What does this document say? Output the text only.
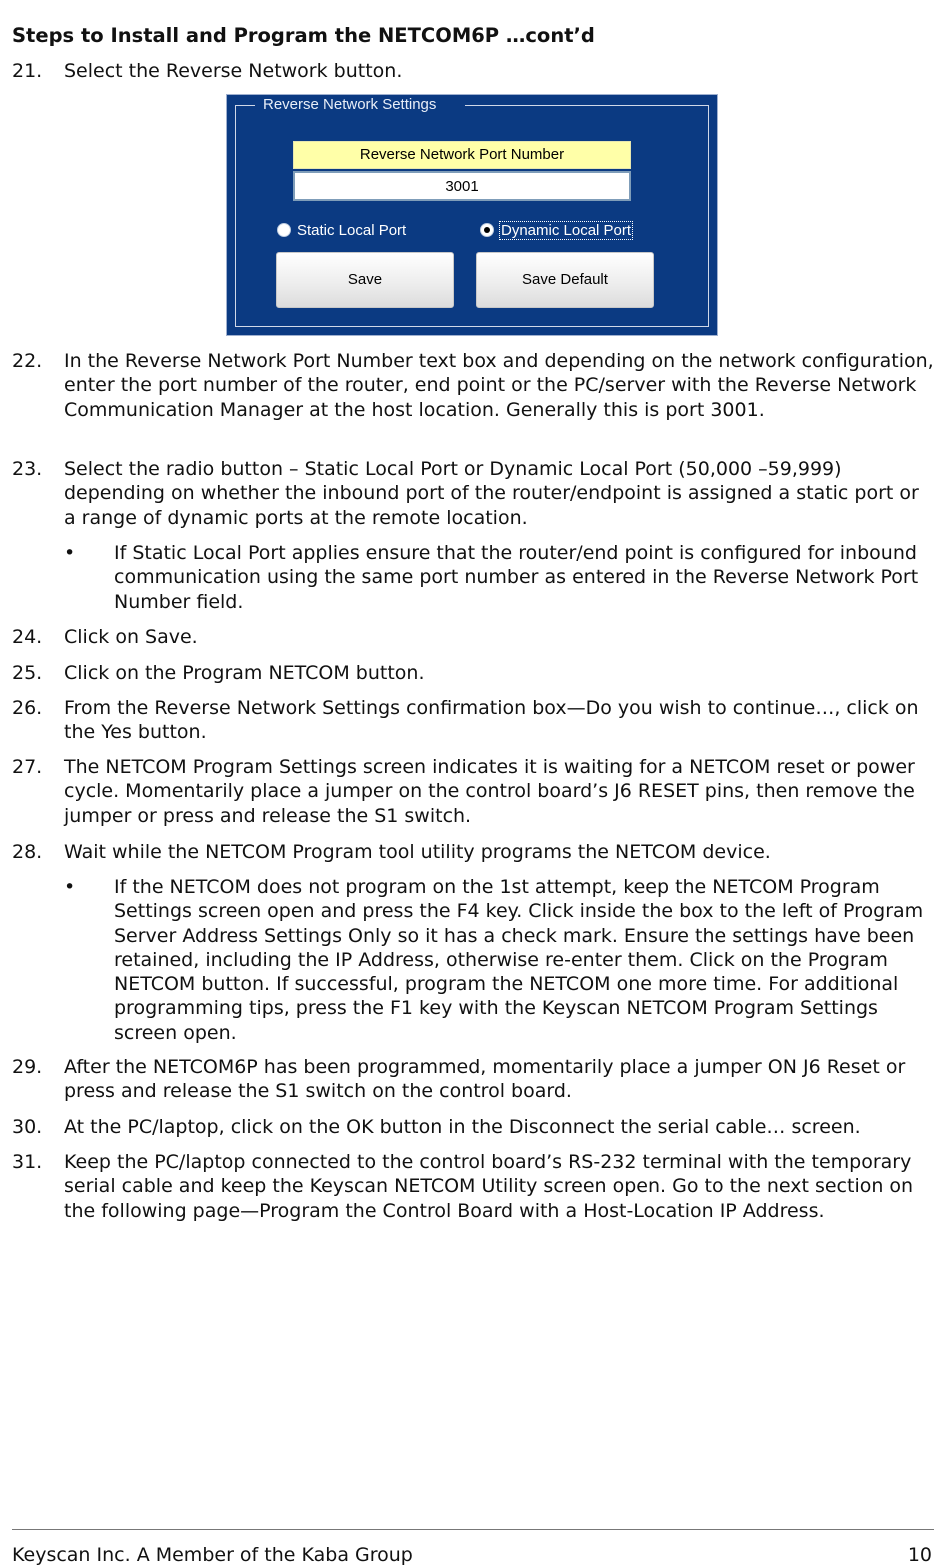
Steps to Install and Program the NETCOM6P …cont’d
21.	Select the Reverse Network button.
Reverse Network Settings
Reverse Network Port Number
3001
Static Local Port	Dynamic Local Port
Save	Save Default
22.	In the Reverse Network Port Number text box and depending on the network configuration, enter the port number of the router, end point or the PC/server with the Reverse Network Communication Manager at the host location. Generally this is port 3001.
23.	Select the radio button – Static Local Port or Dynamic Local Port (50,000 –59,999) depending on whether the inbound port of the router/endpoint is assigned a static port or a range of dynamic ports at the remote location.
• If Static Local Port applies ensure that the router/end point is configured for inbound communication using the same port number as entered in the Reverse Network Port Number field.
24.	Click on Save.
25.	Click on the Program NETCOM button.
26.	From the Reverse Network Settings confirmation box—Do you wish to continue…, click on the Yes button.
27.	The NETCOM Program Settings screen indicates it is waiting for a NETCOM reset or power cycle. Momentarily place a jumper on the control board’s J6 RESET pins, then remove the jumper or press and release the S1 switch.
28.	Wait while the NETCOM Program tool utility programs the NETCOM device.
• If the NETCOM does not program on the 1st attempt, keep the NETCOM Program Settings screen open and press the F4 key. Click inside the box to the left of Program Server Address Settings Only so it has a check mark. Ensure the settings have been retained, including the IP Address, otherwise re-enter them. Click on the Program NETCOM button. If successful, program the NETCOM one more time. For additional programming tips, press the F1 key with the Keyscan NETCOM Program Settings screen open.
29.	After the NETCOM6P has been programmed, momentarily place a jumper ON J6 Reset or press and release the S1 switch on the control board.
30.	At the PC/laptop, click on the OK button in the Disconnect the serial cable… screen.
31.	Keep the PC/laptop connected to the control board’s RS-232 terminal with the temporary serial cable and keep the Keyscan NETCOM Utility screen open. Go to the next section on the following page—Program the Control Board with a Host-Location IP Address.
Keyscan Inc. A Member of the Kaba Group	10
